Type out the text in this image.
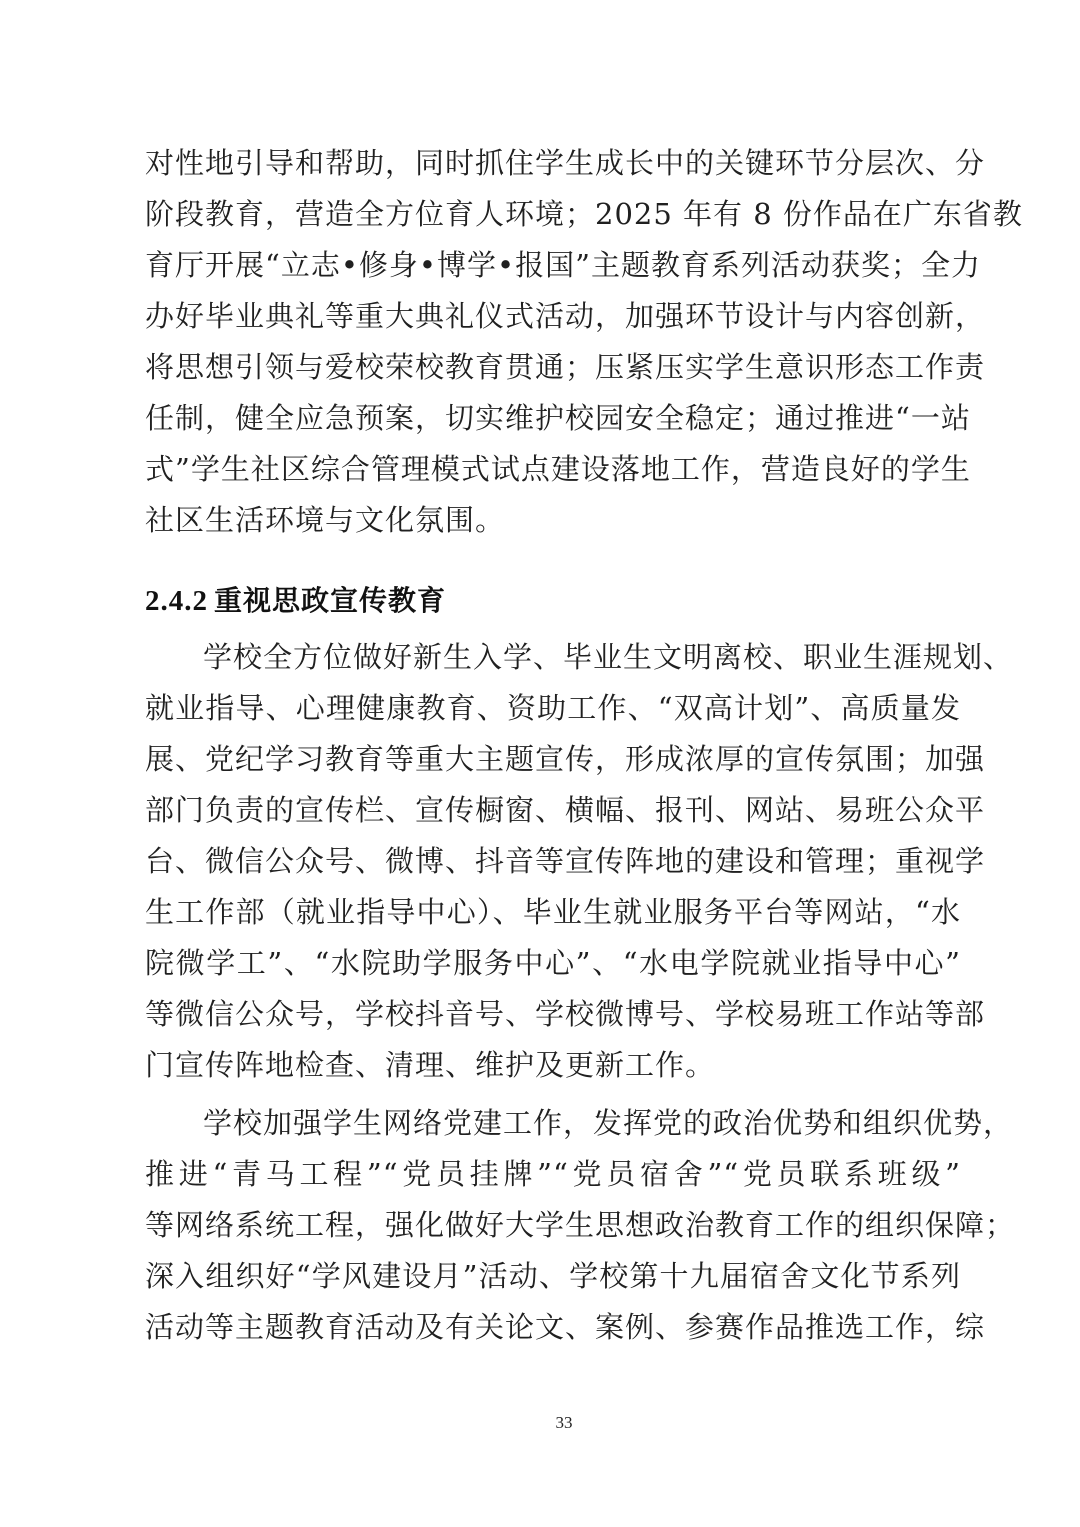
对性地引导和帮助，同时抓住学生成长中的关键环节分层次、分
阶段教育，营造全方位育人环境；2025 年有 8 份作品在广东省教
育厅开展“立志•修身•博学•报国”主题教育系列活动获奖；全力
办好毕业典礼等重大典礼仪式活动，加强环节设计与内容创新，
将思想引领与爱校荣校教育贯通；压紧压实学生意识形态工作责
任制，健全应急预案，切实维护校园安全稳定；通过推进“一站
式”学生社区综合管理模式试点建设落地工作，营造良好的学生
社区生活环境与文化氛围。
2.4.2 重视思政宣传教育
学校全方位做好新生入学、毕业生文明离校、职业生涯规划、
就业指导、心理健康教育、资助工作、“双高计划”、高质量发
展、党纪学习教育等重大主题宣传，形成浓厚的宣传氛围；加强
部门负责的宣传栏、宣传橱窗、横幅、报刊、网站、易班公众平
台、微信公众号、微博、抖音等宣传阵地的建设和管理；重视学
生工作部（就业指导中心）、毕业生就业服务平台等网站，“水
院微学工”、“水院助学服务中心”、“水电学院就业指导中心”
等微信公众号，学校抖音号、学校微博号、学校易班工作站等部
门宣传阵地检查、清理、维护及更新工作。
学校加强学生网络党建工作，发挥党的政治优势和组织优势，
推进“青马工程”“党员挂牌”“党员宿舍”“党员联系班级”
等网络系统工程，强化做好大学生思想政治教育工作的组织保障；
深入组织好“学风建设月”活动、学校第十九届宿舍文化节系列
活动等主题教育活动及有关论文、案例、参赛作品推选工作，综
33
